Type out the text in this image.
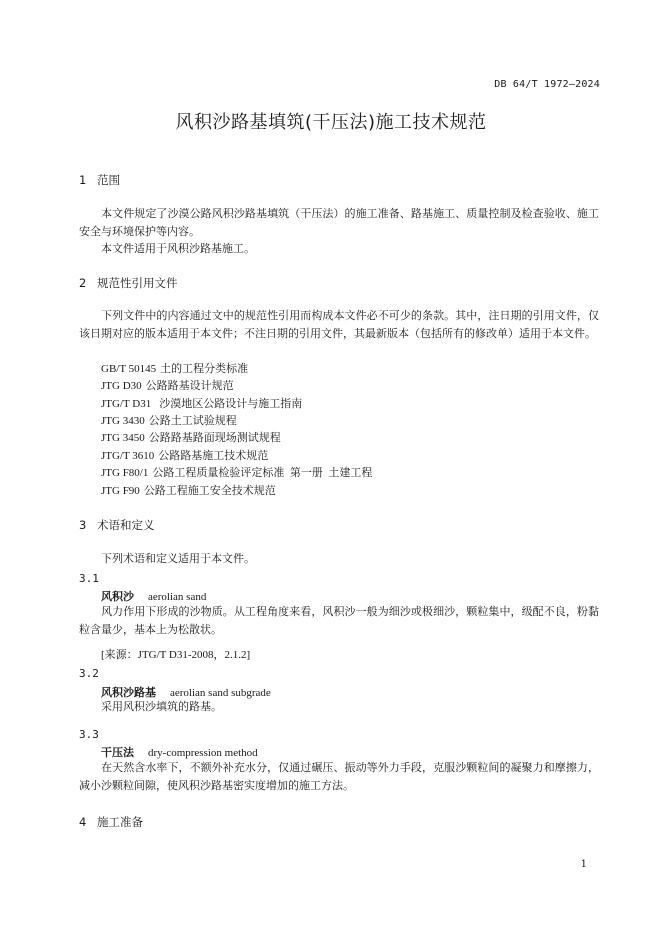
DB 64/T 1972—2024
风积沙路基填筑(干压法)施工技术规范
1 范围
本文件规定了沙漠公路风积沙路基填筑（干压法）的施工准备、路基施工、质量控制及检查验收、施工安全与环境保护等内容。
本文件适用于风积沙路基施工。
2 规范性引用文件
下列文件中的内容通过文中的规范性引用而构成本文件必不可少的条款。其中，注日期的引用文件，仅该日期对应的版本适用于本文件；不注日期的引用文件，其最新版本（包括所有的修改单）适用于本文件。
GB/T 50145 土的工程分类标准
JTG D30 公路路基设计规范
JTG/T D31 沙漠地区公路设计与施工指南
JTG 3430 公路土工试验规程
JTG 3450 公路路基路面现场测试规程
JTG/T 3610 公路路基施工技术规范
JTG F80/1 公路工程质量检验评定标准  第一册  土建工程
JTG F90 公路工程施工安全技术规范
3 术语和定义
下列术语和定义适用于本文件。
3.1
风积沙 aerolian sand
风力作用下形成的沙物质。从工程角度来看，风积沙一般为细沙或极细沙，颗粒集中，级配不良，粉黏粒含量少，基本上为松散状。
[来源：JTG/T D31-2008，2.1.2]
3.2
风积沙路基 aerolian sand subgrade
采用风积沙填筑的路基。
3.3
干压法 dry-compression method
在天然含水率下，不额外补充水分，仅通过碾压、振动等外力手段，克服沙颗粒间的凝聚力和摩擦力，减小沙颗粒间隙，使风积沙路基密实度增加的施工方法。
4 施工准备
1
